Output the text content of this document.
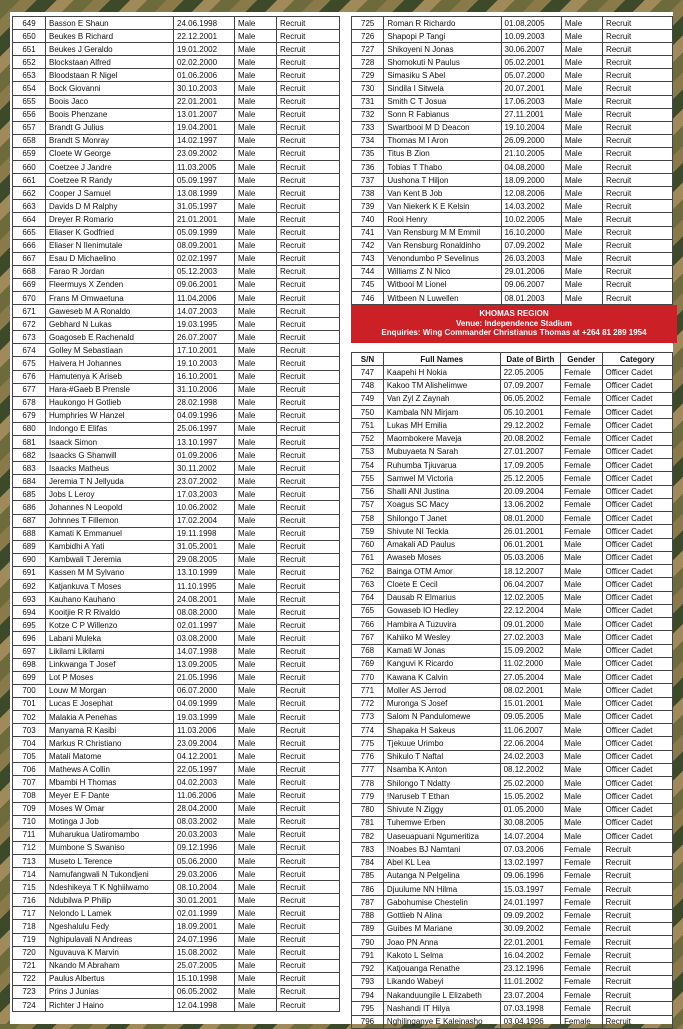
649	Basson E Shaun	24.06.1998	Male	Recruit
650	Beukes B Richard	22.12.2001	Male	Recruit
651	Beukes J Geraldo	19.01.2002	Male	Recruit
652	Blockstaan Alfred	02.02.2000	Male	Recruit
653	Bloodstaan R Nigel	01.06.2006	Male	Recruit
654	Bock Giovanni	30.10.2003	Male	Recruit
655	Boois Jaco	22.01.2001	Male	Recruit
656	Boois Phenzane	13.01.2007	Male	Recruit
657	Brandt G Julius	19.04.2001	Male	Recruit
658	Brandt S Monray	14.02.1997	Male	Recruit
659	Cloete W George	23.09.2002	Male	Recruit
660	Coetzee J Jandre	11.03.2005	Male	Recruit
661	Coetzee R Randy	05.09.1997	Male	Recruit
662	Cooper J Samuel	13.08.1999	Male	Recruit
663	Davids D M Ralphy	31.05.1997	Male	Recruit
664	Dreyer R Romario	21.01.2001	Male	Recruit
665	Eliaser K Godfried	05.09.1999	Male	Recruit
666	Eliaser N Ilenimutale	08.09.2001	Male	Recruit
667	Esau D Michaelino	02.02.1997	Male	Recruit
668	Farao R Jordan	05.12.2003	Male	Recruit
669	Fleermuys X Zenden	09.06.2001	Male	Recruit
670	Frans M Omwaetuna	11.04.2006	Male	Recruit
671	Gaweseb M A Ronaldo	14.07.2003	Male	Recruit
672	Gebhard N Lukas	19.03.1995	Male	Recruit
673	Goagoseb E Rachenald	26.07.2007	Male	Recruit
674	Golley M Sebastiaan	17.10.2001	Male	Recruit
675	Haivera H Johannes	19.10.2003	Male	Recruit
676	Hamutenya K Ariseb	16.10.2001	Male	Recruit
677	Hara-#Gaeb B Prensle	31.10.2006	Male	Recruit
678	Haukongo H Gotlieb	28.02.1998	Male	Recruit
679	Humphries W Hanzel	04.09.1996	Male	Recruit
680	Indongo E Elifas	25.06.1997	Male	Recruit
681	Isaack Simon	13.10.1997	Male	Recruit
682	Isaacks G Shanwill	01.09.2006	Male	Recruit
683	Isaacks Matheus	30.11.2002	Male	Recruit
684	Jeremia T N Jellyuda	23.07.2002	Male	Recruit
685	Jobs L Leroy	17.03.2003	Male	Recruit
686	Johannes N Leopold	10.06.2002	Male	Recruit
687	Johnnes T Fillemon	17.02.2004	Male	Recruit
688	Kamati K Emmanuel	19.11.1998	Male	Recruit
689	Kambidhi A Yati	31.05.2001	Male	Recruit
690	Kambwali T Jeremia	29.08.2005	Male	Recruit
691	Kassen M M Sylvano	13.10.1999	Male	Recruit
692	Katjankuva T Moses	11.10.1995	Male	Recruit
693	Kauhano Kauhano	24.08.2001	Male	Recruit
694	Kooitjie R R Rivaldo	08.08.2000	Male	Recruit
695	Kotze C P Willenzo	02.01.1997	Male	Recruit
696	Labani Muleka	03.08.2000	Male	Recruit
697	Likilami Likilami	14.07.1998	Male	Recruit
698	Linkwanga T Josef	13.09.2005	Male	Recruit
699	Lot P Moses	21.05.1996	Male	Recruit
700	Louw M Morgan	06.07.2000	Male	Recruit
701	Lucas E Josephat	04.09.1999	Male	Recruit
702	Malakia A Penehas	19.03.1999	Male	Recruit
703	Manyama R Kasibi	11.03.2006	Male	Recruit
704	Markus R Christiano	23.09.2004	Male	Recruit
705	Matali Matome	04.12.2001	Male	Recruit
706	Mathews A Collin	22.05.1997	Male	Recruit
707	Mbambi H Thomas	04.02.2003	Male	Recruit
708	Meyer E F Dante	11.06.2006	Male	Recruit
709	Moses W Omar	28.04.2000	Male	Recruit
710	Motinga J Job	08.03.2002	Male	Recruit
711	Muharukua Uatiromambo	20.03.2003	Male	Recruit
712	Mumbone S Swaniso	09.12.1996	Male	Recruit
713	Museto L Terence	05.06.2000	Male	Recruit
714	Namufangwali N Tukondjeni	29.03.2006	Male	Recruit
715	Ndeshikeya T K Nghiilwamo	08.10.2004	Male	Recruit
716	Ndubilwa P Philip	30.01.2001	Male	Recruit
717	Nelondo L Lamek	02.01.1999	Male	Recruit
718	Ngeshalulu Fedy	18.09.2001	Male	Recruit
719	Nghipulavali N Andreas	24.07.1996	Male	Recruit
720	Nguvauva K Marvin	15.08.2002	Male	Recruit
721	Nkando M Abraham	25.07.2005	Male	Recruit
722	Paulus Albertus	15.10.1998	Male	Recruit
723	Prins J Junias	06.05.2002	Male	Recruit
724	Richter J Haino	12.04.1998	Male	Recruit
725	Roman R Richardo	01.08.2005	Male	Recruit
726	Shapopi P Tangi	10.09.2003	Male	Recruit
727	Shikoyeni N Jonas	30.06.2007	Male	Recruit
728	Shomokuti N Paulus	05.02.2001	Male	Recruit
729	Simasiku S Abel	05.07.2000	Male	Recruit
730	Sindila I Sitwela	20.07.2001	Male	Recruit
731	Smith C T Josua	17.06.2003	Male	Recruit
732	Sonn R Fabianus	27.11.2001	Male	Recruit
733	Swartbooi M D Deacon	19.10.2004	Male	Recruit
734	Thomas M I Aron	26.09.2000	Male	Recruit
735	Titus B Zion	21.10.2005	Male	Recruit
736	Tobias T Thabo	04.08.2000	Male	Recruit
737	Uushona T Hiljon	18.09.2000	Male	Recruit
738	Van Kent B Job	12.08.2006	Male	Recruit
739	Van Niekerk K E Kelsin	14.03.2002	Male	Recruit
740	Rooi Henry	10.02.2005	Male	Recruit
741	Van Rensburg M M Emmil	16.10.2000	Male	Recruit
742	Van Rensburg Ronaldinho	07.09.2002	Male	Recruit
743	Venondumbo P Sevelinus	26.03.2003	Male	Recruit
744	Williams Z N Nico	29.01.2006	Male	Recruit
745	Witbooi M Lionel	09.06.2007	Male	Recruit
746	Witbeen N Luwellen	08.01.2003	Male	Recruit
KHOMAS REGION
Venue: Independence Stadium
Enquiries: Wing Commander Christianus Thomas at +264 81 289 1954
S/N	Full Names	Date of Birth	Gender	Category
747	Kaapehi H Nokia	22.05.2005	Female	Officer Cadet
748	Kakoo TM Alishelimwe	07.09.2007	Female	Officer Cadet
749	Van Zyl Z Zaynah	06.05.2002	Female	Officer Cadet
750	Kambala NN Mirjam	05.10.2001	Female	Officer Cadet
751	Lukas MH Emilia	29.12.2002	Female	Officer Cadet
752	Maombokere Maveja	20.08.2002	Female	Officer Cadet
753	Mubuyaeta N Sarah	27.01.2007	Female	Officer Cadet
754	Ruhumba Tjiuvarua	17.09.2005	Female	Officer Cadet
755	Samwel M Victoria	25.12.2005	Female	Officer Cadet
756	Shalli ANI Justina	20.09.2004	Female	Officer Cadet
757	Xoagus SC Macy	13.06.2002	Female	Officer Cadet
758	Shilongo T Janet	08.01.2000	Female	Officer Cadet
759	Shivute NI Teckla	26.01.2001	Female	Officer Cadet
760	Amakali AD Paulus	06.01.2001	Male	Officer Cadet
761	Awaseb Moses	05.03.2006	Male	Officer Cadet
762	Bainga OTM Amor	18.12.2007	Male	Officer Cadet
763	Cloete E Cecil	06.04.2007	Male	Officer Cadet
764	Dausab R Elmarius	12.02.2005	Male	Officer Cadet
765	Gowaseb IO Hedley	22.12.2004	Male	Officer Cadet
766	Hambira A Tuzuvira	09.01.2000	Male	Officer Cadet
767	Kahiiko M Wesley	27.02.2003	Male	Officer Cadet
768	Kamati W Jonas	15.09.2002	Male	Officer Cadet
769	Kanguvi K Ricardo	11.02.2000	Male	Officer Cadet
770	Kawana K Calvin	27.05.2004	Male	Officer Cadet
771	Moller AS Jerrod	08.02.2001	Male	Officer Cadet
772	Muronga S Josef	15.01.2001	Male	Officer Cadet
773	Salom N Pandulomewe	09.05.2005	Male	Officer Cadet
774	Shapaka H Sakeus	11.06.2007	Male	Officer Cadet
775	Tjekuue Urimbo	22.06.2004	Male	Officer Cadet
776	Shikulo T Naftal	24.02.2003	Male	Officer Cadet
777	Nsamba K Anton	08.12.2002	Male	Officer Cadet
778	Shilongo T Ndatty	25.02.2000	Male	Officer Cadet
779	!Naruseb T Ethan	15.05.2002	Male	Officer Cadet
780	Shivute N Ziggy	01.05.2000	Male	Officer Cadet
781	Tuhemwe Erben	30.08.2005	Male	Officer Cadet
782	Uaseuapuani Ngumeritiza	14.07.2004	Male	Officer Cadet
783	!Noabes BJ Namtani	07.03.2006	Female	Recruit
784	Abel KL Lea	13.02.1997	Female	Recruit
785	Autanga N Pelgelina	09.06.1996	Female	Recruit
786	Djuulume NN Hilma	15.03.1997	Female	Recruit
787	Gabohumise Chestelin	24.01.1997	Female	Recruit
788	Gottlieb N Alina	09.09.2002	Female	Recruit
789	Guibes M Mariane	30.09.2002	Female	Recruit
790	Joao PN Anna	22.01.2001	Female	Recruit
791	Kakoto L Selma	16.04.2002	Female	Recruit
792	Katjouanga Renathe	23.12.1996	Female	Recruit
793	Likando Wabeyi	11.01.2002	Female	Recruit
794	Nakanduungile L Elizabeth	23.07.2004	Female	Recruit
795	Nashandi IT Hilya	07.03.1998	Female	Recruit
796	Nghilinganye E Kaleinasho	03.04.1996	Female	Recruit
